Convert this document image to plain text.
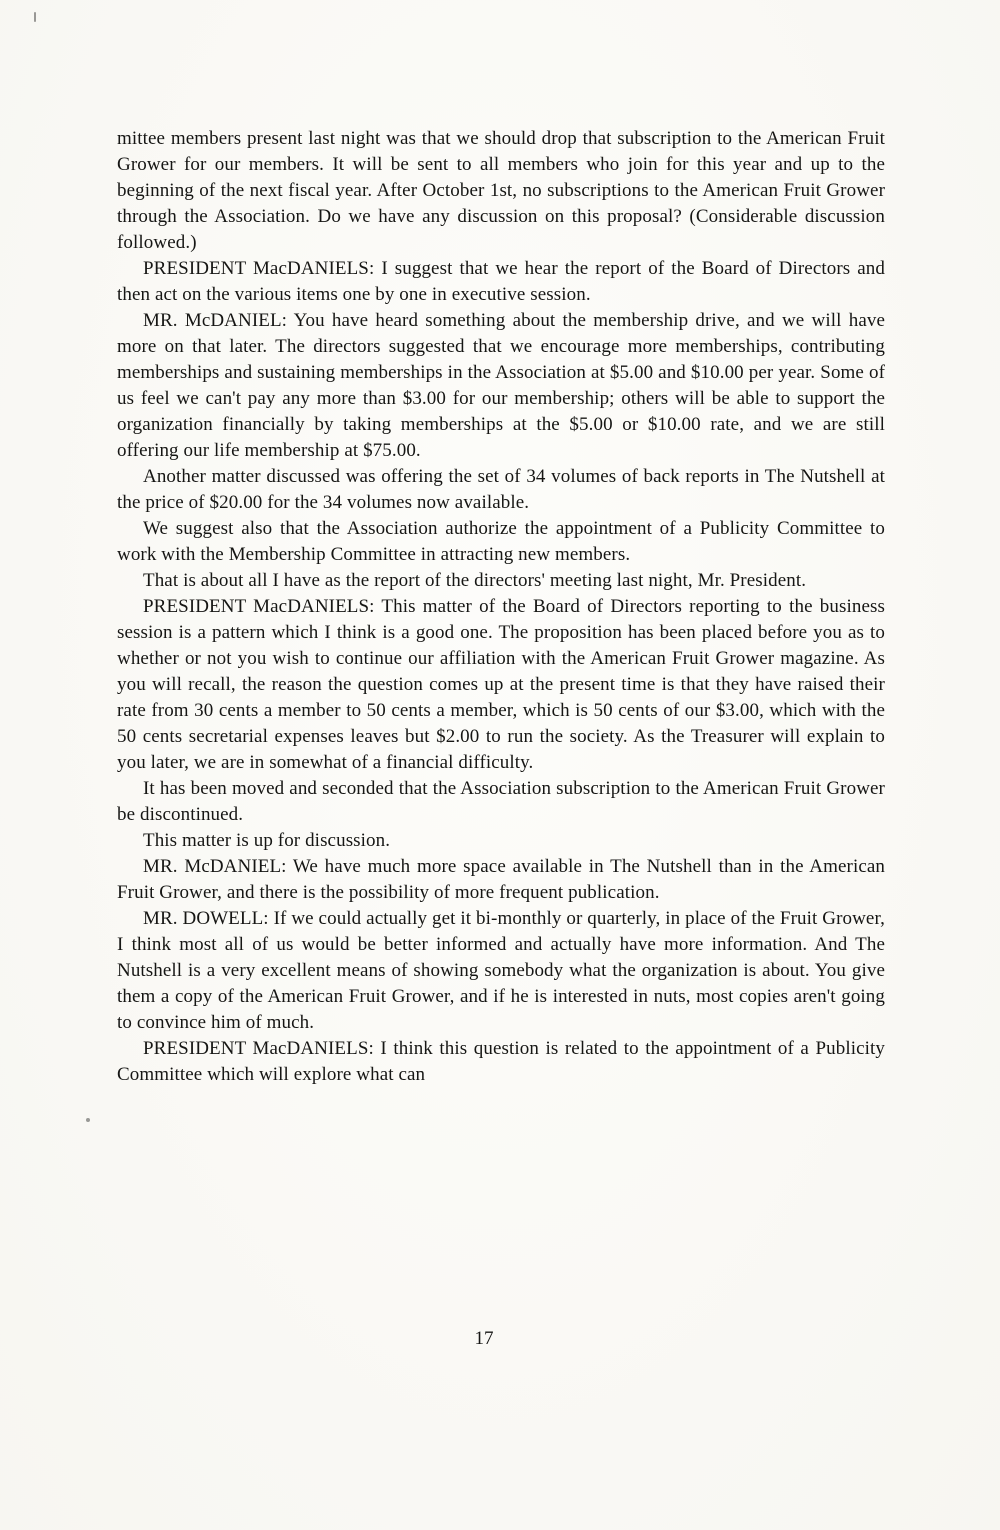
mittee members present last night was that we should drop that subscription to the American Fruit Grower for our members. It will be sent to all members who join for this year and up to the beginning of the next fiscal year. After October 1st, no subscriptions to the American Fruit Grower through the Association. Do we have any discussion on this proposal? (Considerable discussion followed.)

PRESIDENT MacDANIELS: I suggest that we hear the report of the Board of Directors and then act on the various items one by one in executive session.

MR. McDANIEL: You have heard something about the membership drive, and we will have more on that later. The directors suggested that we encourage more memberships, contributing memberships and sustaining memberships in the Association at $5.00 and $10.00 per year. Some of us feel we can't pay any more than $3.00 for our membership; others will be able to support the organization financially by taking memberships at the $5.00 or $10.00 rate, and we are still offering our life membership at $75.00.

Another matter discussed was offering the set of 34 volumes of back reports in The Nutshell at the price of $20.00 for the 34 volumes now available.

We suggest also that the Association authorize the appointment of a Publicity Committee to work with the Membership Committee in attracting new members.

That is about all I have as the report of the directors' meeting last night, Mr. President.

PRESIDENT MacDANIELS: This matter of the Board of Directors reporting to the business session is a pattern which I think is a good one. The proposition has been placed before you as to whether or not you wish to continue our affiliation with the American Fruit Grower magazine. As you will recall, the reason the question comes up at the present time is that they have raised their rate from 30 cents a member to 50 cents a member, which is 50 cents of our $3.00, which with the 50 cents secretarial expenses leaves but $2.00 to run the society. As the Treasurer will explain to you later, we are in somewhat of a financial difficulty.

It has been moved and seconded that the Association subscription to the American Fruit Grower be discontinued.

This matter is up for discussion.

MR. McDANIEL: We have much more space available in The Nutshell than in the American Fruit Grower, and there is the possibility of more frequent publication.

MR. DOWELL: If we could actually get it bi-monthly or quarterly, in place of the Fruit Grower, I think most all of us would be better informed and actually have more information. And The Nutshell is a very excellent means of showing somebody what the organization is about. You give them a copy of the American Fruit Grower, and if he is interested in nuts, most copies aren't going to convince him of much.

PRESIDENT MacDANIELS: I think this question is related to the appointment of a Publicity Committee which will explore what can

17
